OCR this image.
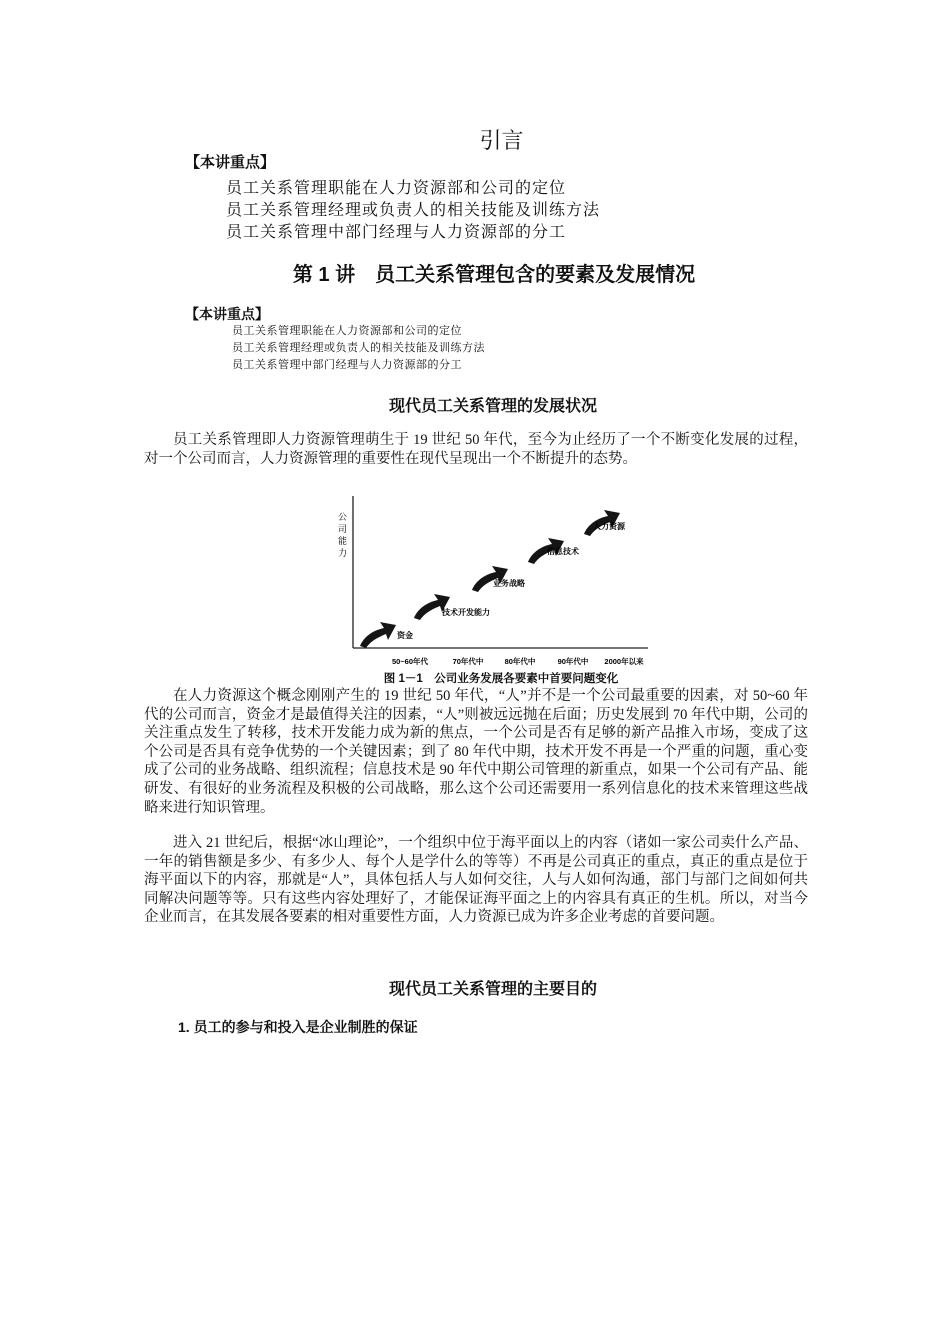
引言
【本讲重点】
员工关系管理职能在人力资源部和公司的定位
员工关系管理经理或负责人的相关技能及训练方法
员工关系管理中部门经理与人力资源部的分工
第 1 讲　员工关系管理包含的要素及发展情况
【本讲重点】
员工关系管理职能在人力资源部和公司的定位
员工关系管理经理或负责人的相关技能及训练方法
员工关系管理中部门经理与人力资源部的分工
现代员工关系管理的发展状况

员工关系管理即人力资源管理萌生于 19 世纪 50 年代，至今为止经历了一个不断变化发展的过程，对一个公司而言，人力资源管理的重要性在现代呈现出一个不断提升的态势。

公
司
能
力
资金
技术开发能力
业务战略
信息技术
人力资源
50~60年代	70年代中	80年代中	90年代中 2000年以来
图 1－1　公司业务发展各要素中首要问题变化

在人力资源这个概念刚刚产生的 19 世纪 50 年代，“人”并不是一个公司最重要的因素，对 50~60 年代的公司而言，资金才是最值得关注的因素，“人”则被远远抛在后面；历史发展到 70 年代中期，公司的关注重点发生了转移，技术开发能力成为新的焦点，一个公司是否有足够的新产品推入市场，变成了这个公司是否具有竞争优势的一个关键因素；到了 80 年代中期，技术开发不再是一个严重的问题，重心变成了公司的业务战略、组织流程；信息技术是 90 年代中期公司管理的新重点，如果一个公司有产品、能研发、有很好的业务流程及积极的公司战略，那么这个公司还需要用一系列信息化的技术来管理这些战略来进行知识管理。

进入 21 世纪后，根据“冰山理论”，一个组织中位于海平面以上的内容（诸如一家公司卖什么产品、一年的销售额是多少、有多少人、每个人是学什么的等等）不再是公司真正的重点，真正的重点是位于海平面以下的内容，那就是“人”，具体包括人与人如何交往，人与人如何沟通，部门与部门之间如何共同解决问题等等。只有这些内容处理好了，才能保证海平面之上的内容具有真正的生机。所以，对当今企业而言，在其发展各要素的相对重要性方面，人力资源已成为许多企业考虑的首要问题。

现代员工关系管理的主要目的
1. 员工的参与和投入是企业制胜的保证
